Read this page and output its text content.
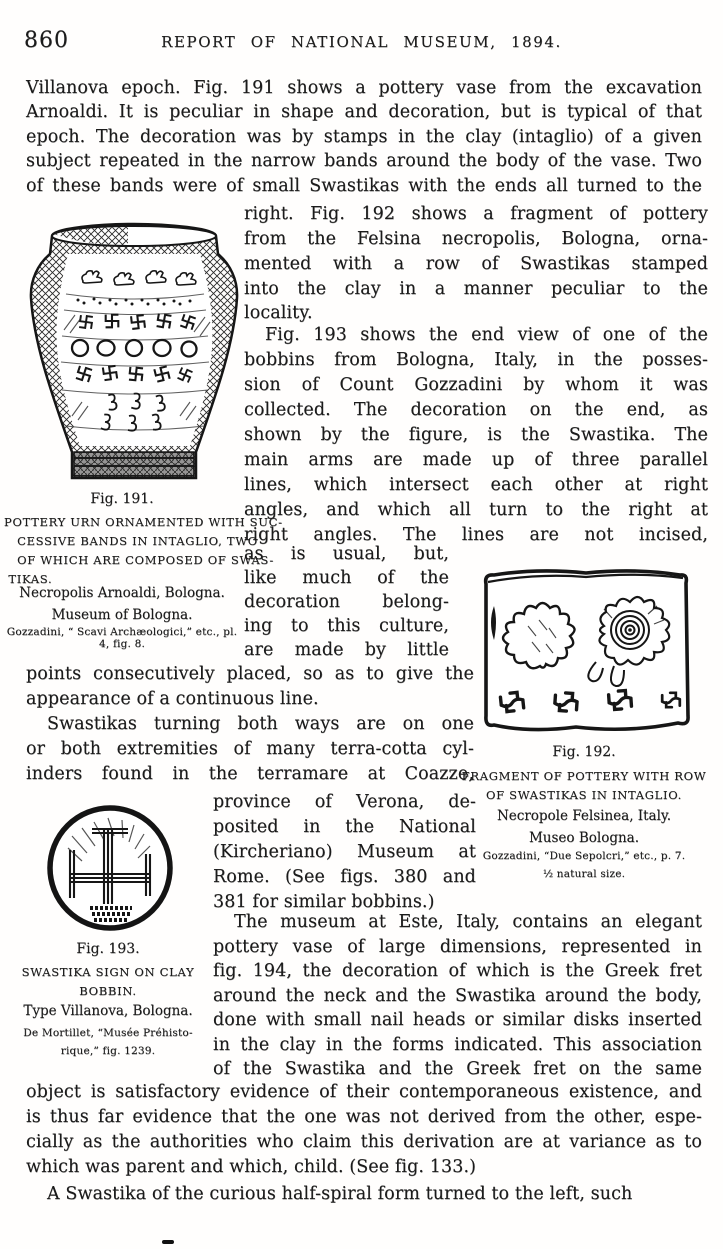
860	REPORT OF NATIONAL MUSEUM, 1894.
Villanova epoch. Fig. 191 shows a pottery vase from the excavation
Arnoaldi. It is peculiar in shape and decoration, but is typical of that
epoch. The decoration was by stamps in the clay (intaglio) of a given
subject repeated in the narrow bands around the body of the vase. Two
of these bands were of small Swastikas with the ends all turned to the
Fig. 191.
POTTERY URN ORNAMENTED WITH SUC-
CESSIVE BANDS IN INTAGLIO, TWO
OF WHICH ARE COMPOSED OF SWAS-
TIKAS.
Necropolis Arnoaldi, Bologna.
Museum of Bologna.
Gozzadini, “ Scavi Archæologici,” etc., pl. 4, fig. 8.
right. Fig. 192 shows a fragment of pottery
from the Felsina necropolis, Bologna, orna-
mented with a row of Swastikas stamped
into the clay in a manner peculiar to the
locality.
Fig. 193 shows the end view of one of the
bobbins from Bologna, Italy, in the posses-
sion of Count Gozzadini by whom it was
collected. The decoration on the end, as
shown by the figure, is the Swastika. The
main arms are made up of three parallel
lines, which intersect each other at right
angles, and which all turn to the right at
right angles. The lines are not incised,
as is usual, but,
like much of the
decoration belong-
ing to this culture,
are made by little
Fig. 192.
FRAGMENT OF POTTERY WITH ROW
OF SWASTIKAS IN INTAGLIO.
Necropole Felsinea, Italy.
Museo Bologna.
Gozzadini, “Due Sepolcri,” etc., p. 7.
½ natural size.
points consecutively placed, so as to give the
appearance of a continuous line.
Swastikas turning both ways are on one
or both extremities of many terra-cotta cyl-
inders found in the terramare at Coazze,
Fig. 193.
SWASTIKA SIGN ON CLAY
BOBBIN.
Type Villanova, Bologna.
De Mortillet, “Musée Préhisto-
rique,” fig. 1239.
province of Verona, de-
posited in the National
(Kircheriano) Museum at
Rome. (See figs. 380 and
381 for similar bobbins.)
The museum at Este, Italy, contains an elegant
pottery vase of large dimensions, represented in
fig. 194, the decoration of which is the Greek fret
around the neck and the Swastika around the body,
done with small nail heads or similar disks inserted
in the clay in the forms indicated. This association
of the Swastika and the Greek fret on the same
object is satisfactory evidence of their contemporaneous existence, and
is thus far evidence that the one was not derived from the other, espe-
cially as the authorities who claim this derivation are at variance as to
which was parent and which, child. (See fig. 133.)
A Swastika of the curious half-spiral form turned to the left, such
